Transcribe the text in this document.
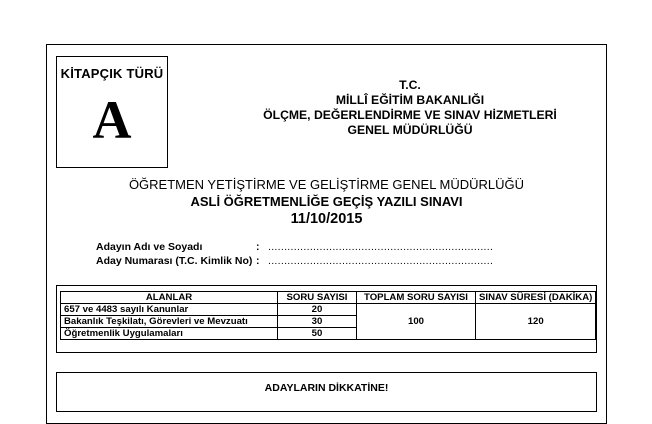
KİTAPÇIK TÜRÜ
A
T.C.
MİLLÎ EĞİTİM BAKANLIĞI
ÖLÇME, DEĞERLENDİRME VE SINAV HİZMETLERİ
GENEL MÜDÜRLÜĞÜ
ÖĞRETMEN YETİŞTİRME VE GELİŞTİRME GENEL MÜDÜRLÜĞÜ
ASLİ ÖĞRETMENLİĞE GEÇİŞ YAZILI SINAVI
11/10/2015
Adayın Adı ve Soyadı	: ......................................................................
Aday Numarası (T.C. Kimlik No) : ......................................................................
ALANLAR	SORU SAYISI	TOPLAM SORU SAYISI	SINAV SÜRESİ (DAKİKA)
657 ve 4483 sayılı Kanunlar	20	100	120
Bakanlık Teşkilatı, Görevleri ve Mevzuatı	30		
Öğretmenlik Uygulamaları	50		
ADAYLARIN DİKKATİNE!
